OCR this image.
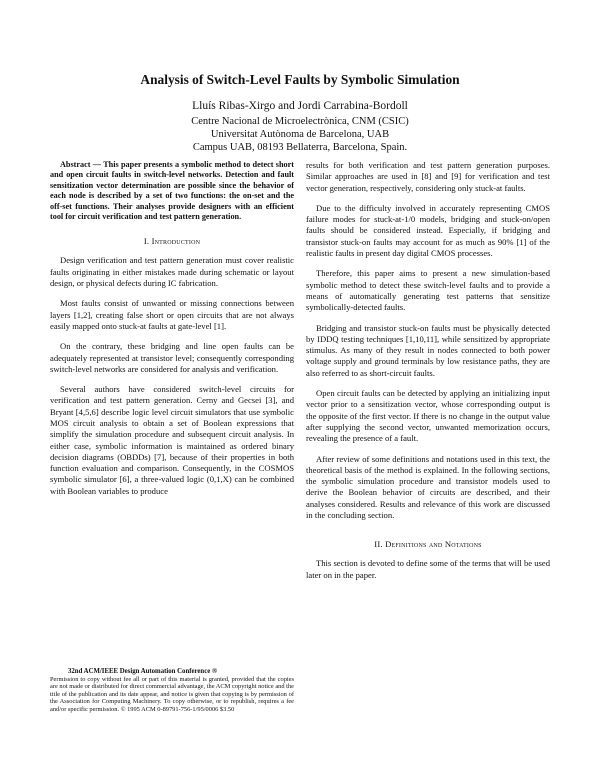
Analysis of Switch-Level Faults by Symbolic Simulation
Lluís Ribas-Xirgo and Jordi Carrabina-Bordoll
Centre Nacional de Microelectrònica, CNM (CSIC)
Universitat Autònoma de Barcelona, UAB
Campus UAB, 08193 Bellaterra, Barcelona, Spain.

Abstract — This paper presents a symbolic method to detect short and open circuit faults in switch-level networks. Detection and fault sensitization vector determination are possible since the behavior of each node is described by a set of two functions: the on-set and the off-set functions. Their analyses provide designers with an efficient tool for circuit verification and test pattern generation.

I. Introduction

Design verification and test pattern generation must cover realistic faults originating in either mistakes made during schematic or layout design, or physical defects during IC fabrication.

Most faults consist of unwanted or missing connections between layers [1,2], creating false short or open circuits that are not always easily mapped onto stuck-at faults at gate-level [1].

On the contrary, these bridging and line open faults can be adequately represented at transistor level; consequently corresponding switch-level networks are considered for analysis and verification.

Several authors have considered switch-level circuits for verification and test pattern generation. Cerny and Gecsei [3], and Bryant [4,5,6] describe logic level circuit simulators that use symbolic MOS circuit analysis to obtain a set of Boolean expressions that simplify the simulation procedure and subsequent circuit analysis. In either case, symbolic information is maintained as ordered binary decision diagrams (OBDDs) [7], because of their properties in both function evaluation and comparison. Consequently, in the COSMOS symbolic simulator [6], a three-valued logic (0,1,X) can be combined with Boolean variables to produce

32nd ACM/IEEE Design Automation Conference ®
Permission to copy without fee all or part of this material is granted, provided that the copies are not made or distributed for direct commercial advantage, the ACM copyright notice and the title of the publication and its date appear, and notice is given that copying is by permission of the Association for Computing Machinery. To copy otherwise, or to republish, requires a fee and/or specific permission. © 1995 ACM 0-89791-756-1/95/0006 $3.50

results for both verification and test pattern generation purposes. Similar approaches are used in [8] and [9] for verification and test vector generation, respectively, considering only stuck-at faults.

Due to the difficulty involved in accurately representing CMOS failure modes for stuck-at-1/0 models, bridging and stuck-on/open faults should be considered instead. Especially, if bridging and transistor stuck-on faults may account for as much as 90% [1] of the realistic faults in present day digital CMOS processes.

Therefore, this paper aims to present a new simulation-based symbolic method to detect these switch-level faults and to provide a means of automatically generating test patterns that sensitize symbolically-detected faults.

Bridging and transistor stuck-on faults must be physically detected by IDDQ testing techniques [1,10,11], while sensitized by appropriate stimulus. As many of they result in nodes connected to both power voltage supply and ground terminals by low resistance paths, they are also referred to as short-circuit faults.

Open circuit faults can be detected by applying an initializing input vector prior to a sensitization vector, whose corresponding output is the opposite of the first vector. If there is no change in the output value after supplying the second vector, unwanted memorization occurs, revealing the presence of a fault.

After review of some definitions and notations used in this text, the theoretical basis of the method is explained. In the following sections, the symbolic simulation procedure and transistor models used to derive the Boolean behavior of circuits are described, and their analyses considered. Results and relevance of this work are discussed in the concluding section.

II. Definitions and Notations

This section is devoted to define some of the terms that will be used later on in the paper.
